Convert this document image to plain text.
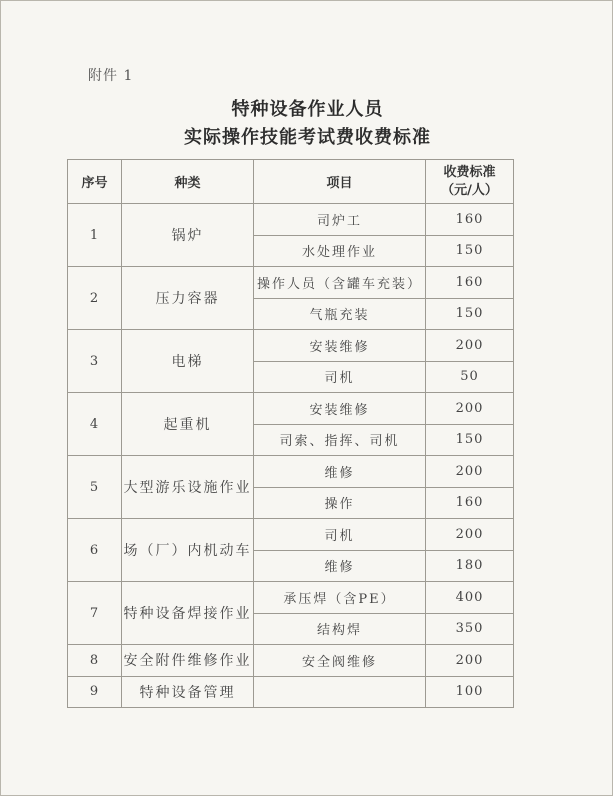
附件 1
特种设备作业人员
实际操作技能考试费收费标准
序号	种类	项目	收费标准
（元/人）

1	锅炉	司炉工	160
		水处理作业	150
2	压力容器	操作人员（含罐车充装）	160
		气瓶充装	150
3	电梯	安装维修	200
		司机	50
4	起重机	安装维修	200
		司索、指挥、司机	150
5	大型游乐设施作业	维修	200
		操作	160
6	场（厂）内机动车	司机	200
		维修	180
7	特种设备焊接作业	承压焊（含PE）	400
		结构焊	350
8	安全附件维修作业	安全阀维修	200
9	特种设备管理		100
